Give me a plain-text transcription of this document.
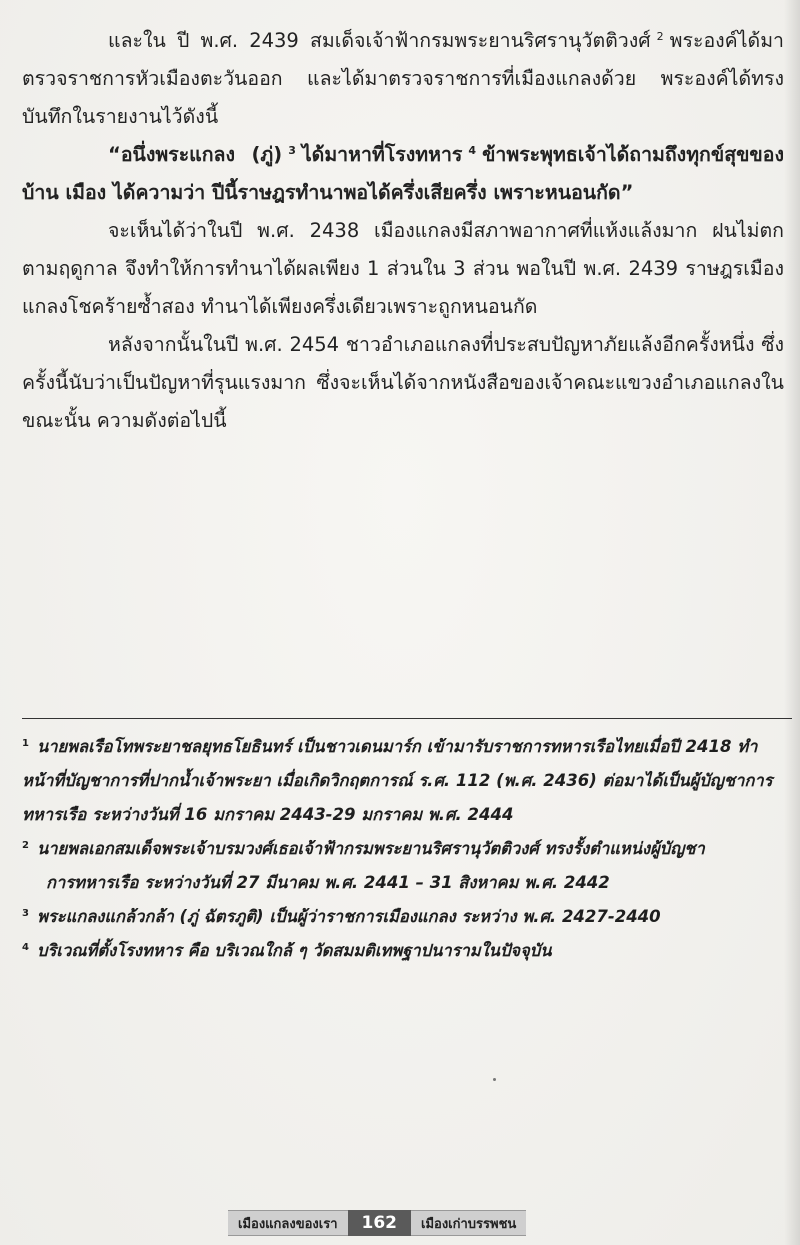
และใน ปี พ.ศ. 2439 สมเด็จเจ้าฟ้ากรมพระยานริศรานุวัตติวงศ์ $^2$ พระองค์ได้มาตรวจราชการหัวเมืองตะวันออก และได้มาตรวจราชการที่เมืองแกลงด้วย พระองค์ได้ทรงบันทึกในรายงานไว้ดังนี้

“อนึ่งพระแกลง (ภู่) $^3$ ได้มาหาที่โรงทหาร $^4$ ข้าพระพุทธเจ้าได้ถามถึงทุกข์สุขของบ้าน เมือง ได้ความว่า ปีนี้ราษฎรทำนาพอได้ครึ่งเสียครึ่ง เพราะหนอนกัด”

จะเห็นได้ว่าในปี พ.ศ. 2438 เมืองแกลงมีสภาพอากาศที่แห้งแล้งมาก ฝนไม่ตกตามฤดูกาล จึงทำให้การทำนาได้ผลเพียง 1 ส่วนใน 3 ส่วน พอในปี พ.ศ. 2439 ราษฎรเมืองแกลงโชคร้ายซ้ำสอง ทำนาได้เพียงครึ่งเดียวเพราะถูกหนอนกัด

หลังจากนั้นในปี พ.ศ. 2454 ชาวอำเภอแกลงที่ประสบปัญหาภัยแล้งอีกครั้งหนึ่ง ซึ่งครั้งนี้นับว่าเป็นปัญหาที่รุนแรงมาก ซึ่งจะเห็นได้จากหนังสือของเจ้าคณะแขวงอำเภอแกลงในขณะนั้น ความดังต่อไปนี้

$^1$ นายพลเรือโทพระยาชลยุทธโยธินทร์ เป็นชาวเดนมาร์ก เข้ามารับราชการทหารเรือไทยเมื่อปี 2418 ทำหน้าที่บัญชาการที่ปากน้ำเจ้าพระยา เมื่อเกิดวิกฤตการณ์ ร.ศ. 112 (พ.ศ. 2436) ต่อมาได้เป็นผู้บัญชาการทหารเรือ ระหว่างวันที่ 16 มกราคม 2443-29 มกราคม พ.ศ. 2444

$^2$ นายพลเอกสมเด็จพระเจ้าบรมวงศ์เธอเจ้าฟ้ากรมพระยานริศรานุวัตติวงศ์ ทรงรั้งตำแหน่งผู้บัญชา

การทหารเรือ ระหว่างวันที่ 27 มีนาคม พ.ศ. 2441 – 31 สิงหาคม พ.ศ. 2442

$^3$ พระแกลงแกล้วกล้า (ภู่ ฉัตรภูติ) เป็นผู้ว่าราชการเมืองแกลง ระหว่าง พ.ศ. 2427-2440

$^4$ บริเวณที่ตั้งโรงทหาร คือ บริเวณใกล้ ๆ วัดสมมติเทพฐาปนารามในปัจจุบัน

เมืองแกลงของเรา	162	เมืองเก่าบรรพชน
